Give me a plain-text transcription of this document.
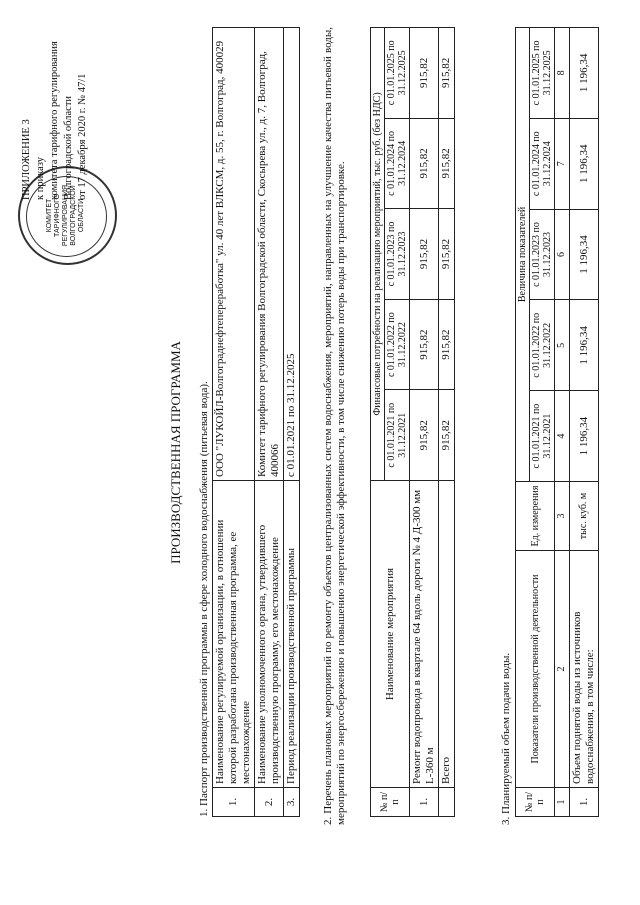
КОМИТЕТ ТАРИФНОГО РЕГУЛИРОВАНИЯ ВОЛГОГРАДСКОЙ ОБЛАСТИ
ПРИЛОЖЕНИЕ 3 к приказу комитета тарифного регулирования Волгоградской области от 17 декабря 2020 г. № 47/1
ПРОИЗВОДСТВЕННАЯ ПРОГРАММА 1. Паспорт производственной программы в сфере холодного водоснабжения (питьевая вода). 1.	Наименование регулируемой организации, в отношении которой разработана производственная программа, ее местонахождение	ООО "ЛУКОЙЛ-Волгограднефтепереработка" ул. 40 лет ВЛКСМ, д. 55, г. Волгоград, 400029
2.	Наименование уполномоченного органа, утвердившего производственную программу, его местонахождение	Комитет тарифного регулирования Волгоградской области, Скосырева ул., д. 7, Волгоград, 400066
3.	Период реализации производственной программы	с 01.01.2021 по 31.12.2025 2. Перечень плановых мероприятий по ремонту объектов централизованных систем водоснабжения, мероприятий, направленных на улучшение качества питьевой воды, мероприятий по энергосбережению и повышению энергетической эффективности, в том числе снижению потерь воды при транспортировке.	№ п/п	Наименование мероприятия	Финансовые потребности на реализацию мероприятий, тыс. руб. (без НДС)				
		с 01.01.2021 по 31.12.2021	с 01.01.2022 по 31.12.2022	с 01.01.2023 по 31.12.2023	с 01.01.2024 по 31.12.2024	с 01.01.2025 по 31.12.2025
1.	Ремонт водопровода в квартале 64 вдоль дороги № 4 Д-300 мм L-360 м	915,82	915,82	915,82	915,82	915,82
	Всего	915,82	915,82	915,82	915,82	915,82
3. Планируемый объем подачи воды. № п/п	Показатели производственной деятельности	Ед. измерения	Величина показателей				
			с 01.01.2021 по 31.12.2021	с 01.01.2022 по 31.12.2022	с 01.01.2023 по 31.12.2023	с 01.01.2024 по 31.12.2024	с 01.01.2025 по 31.12.2025
1	2	3	4	5	6	7	8
1.	Объем поднятой воды из источников водоснабжения, в том числе:	тыс. куб. м	1 196,34	1 196,34	1 196,34	1 196,34	1 196,34
